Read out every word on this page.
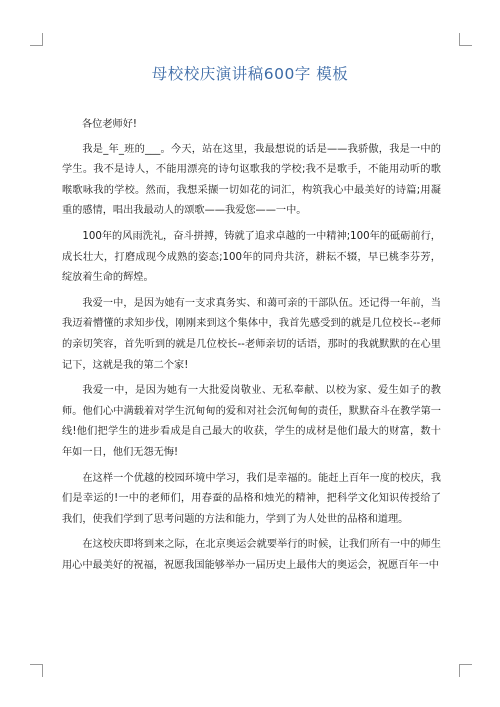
母校校庆演讲稿600字 模板

各位老师好!

我是_年_班的___。今天，站在这里，我最想说的话是——我骄傲，我是一中的学生。我不是诗人，不能用漂亮的诗句讴歌我的学校;我不是歌手，不能用动听的歌喉歌咏我的学校。然而，我想采撷一切如花的词汇，构筑我心中最美好的诗篇;用凝重的感情，唱出我最动人的颂歌——我爱您——一中。

100年的风雨洗礼，奋斗拼搏，铸就了追求卓越的一中精神;100年的砥砺前行，成长壮大，打磨成现今成熟的姿态;100年的同舟共济，耕耘不辍，早已桃李芬芳，绽放着生命的辉煌。

我爱一中，是因为她有一支求真务实、和蔼可亲的干部队伍。还记得一年前，当我迈着懵懂的求知步伐，刚刚来到这个集体中，我首先感受到的就是几位校长--老师的亲切笑容，首先听到的就是几位校长--老师亲切的话语，那时的我就默默的在心里记下，这就是我的第二个家!

我爱一中，是因为她有一大批爱岗敬业、无私奉献、以校为家、爱生如子的教师。他们心中满载着对学生沉甸甸的爱和对社会沉甸甸的责任，默默奋斗在教学第一线!他们把学生的进步看成是自己最大的收获，学生的成材是他们最大的财富，数十年如一日，他们无怨无悔!

在这样一个优越的校园环境中学习，我们是幸福的。能赶上百年一度的校庆，我们是幸运的!一中的老师们，用春蚕的品格和烛光的精神，把科学文化知识传授给了我们，使我们学到了思考问题的方法和能力，学到了为人处世的品格和道理。

在这校庆即将到来之际，在北京奥运会就要举行的时候，让我们所有一中的师生用心中最美好的祝福，祝愿我国能够举办一届历史上最伟大的奥运会，祝愿百年一中
